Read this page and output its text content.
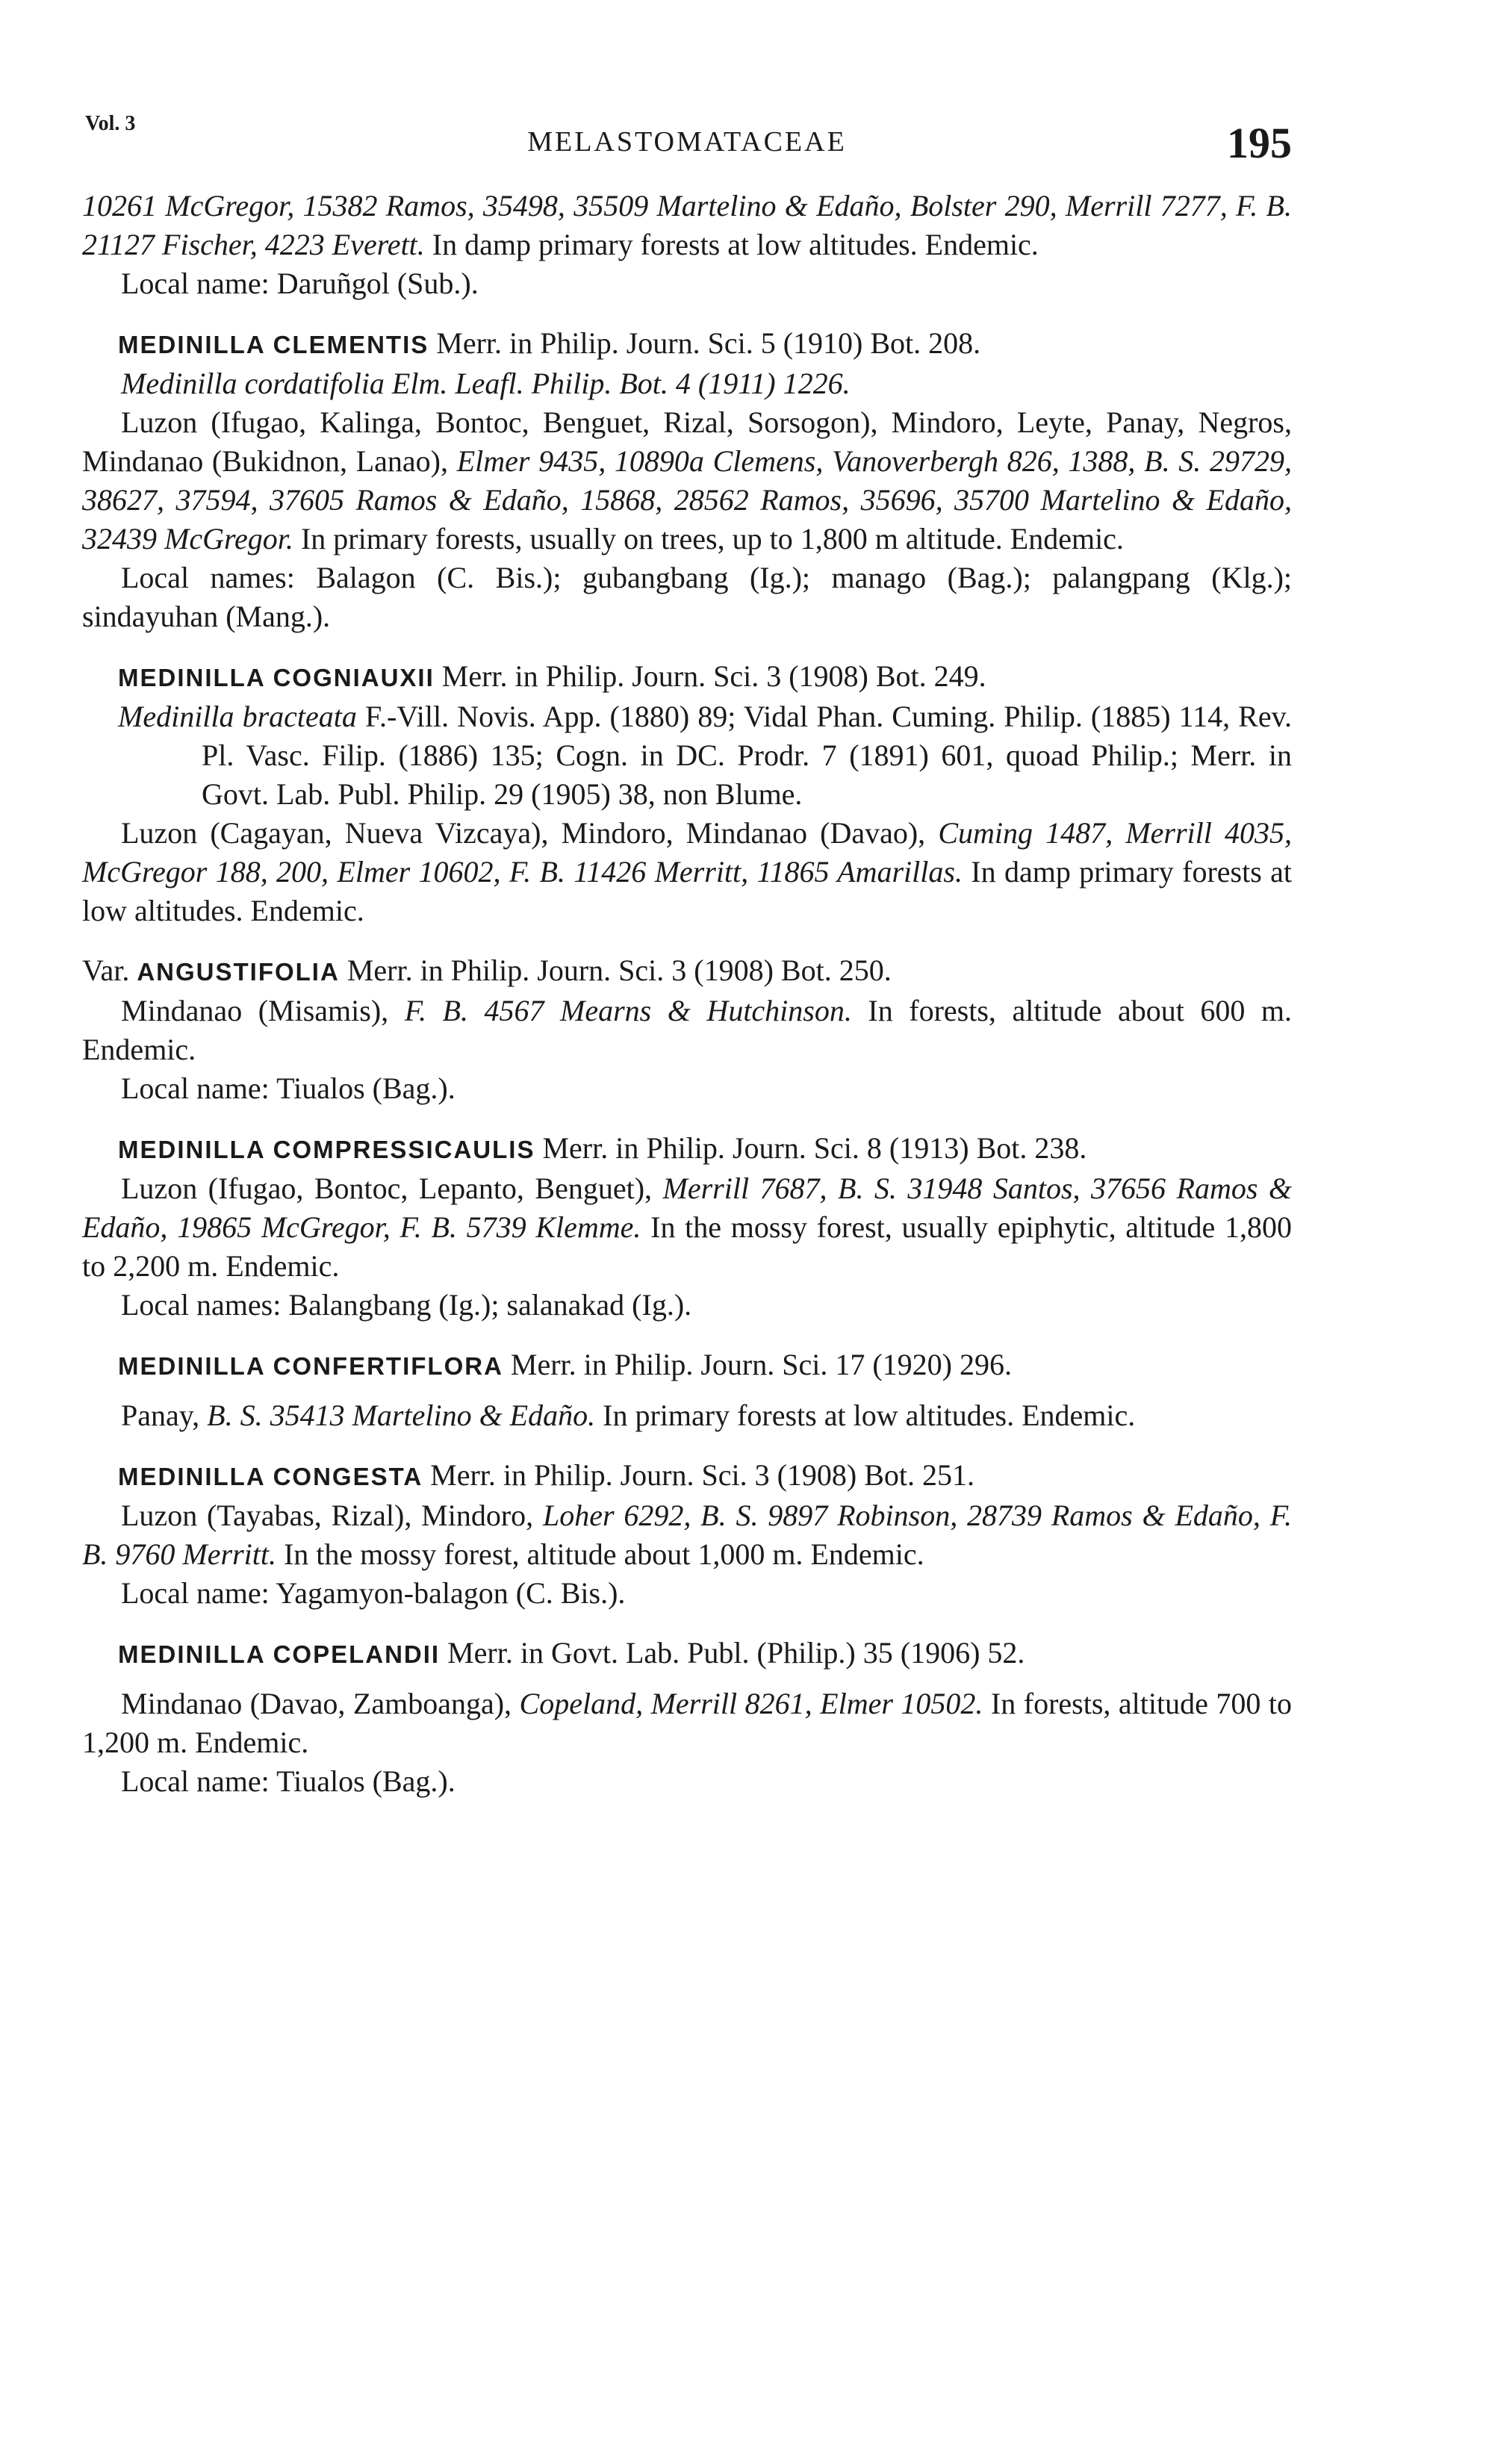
Vol. 3
MELASTOMATACEAE	195

10261 McGregor, 15382 Ramos, 35498, 35509 Martelino & Edaño, Bolster 290, Merrill 7277, F. B. 21127 Fischer, 4223 Everett. In damp primary forests at low altitudes. Endemic.

Local name: Daruñgol (Sub.).

MEDINILLA CLEMENTIS Merr. in Philip. Journ. Sci. 5 (1910) Bot. 208.

Medinilla cordatifolia Elm. Leafl. Philip. Bot. 4 (1911) 1226.

Luzon (Ifugao, Kalinga, Bontoc, Benguet, Rizal, Sorsogon), Mindoro, Leyte, Panay, Negros, Mindanao (Bukidnon, Lanao), Elmer 9435, 10890a Clemens, Vanoverbergh 826, 1388, B. S. 29729, 38627, 37594, 37605 Ramos & Edaño, 15868, 28562 Ramos, 35696, 35700 Martelino & Edaño, 32439 McGregor. In primary forests, usually on trees, up to 1,800 m altitude. Endemic.

Local names: Balagon (C. Bis.); gubangbang (Ig.); manago (Bag.); palangpang (Klg.); sindayuhan (Mang.).

MEDINILLA COGNIAUXII Merr. in Philip. Journ. Sci. 3 (1908) Bot. 249.

Medinilla bracteata F.-Vill. Novis. App. (1880) 89; Vidal Phan. Cuming. Philip. (1885) 114, Rev. Pl. Vasc. Filip. (1886) 135; Cogn. in DC. Prodr. 7 (1891) 601, quoad Philip.; Merr. in Govt. Lab. Publ. Philip. 29 (1905) 38, non Blume.

Luzon (Cagayan, Nueva Vizcaya), Mindoro, Mindanao (Davao), Cuming 1487, Merrill 4035, McGregor 188, 200, Elmer 10602, F. B. 11426 Merritt, 11865 Amarillas. In damp primary forests at low altitudes. Endemic.

Var. ANGUSTIFOLIA Merr. in Philip. Journ. Sci. 3 (1908) Bot. 250.

Mindanao (Misamis), F. B. 4567 Mearns & Hutchinson. In forests, altitude about 600 m. Endemic.

Local name: Tiualos (Bag.).

MEDINILLA COMPRESSICAULIS Merr. in Philip. Journ. Sci. 8 (1913) Bot. 238.

Luzon (Ifugao, Bontoc, Lepanto, Benguet), Merrill 7687, B. S. 31948 Santos, 37656 Ramos & Edaño, 19865 McGregor, F. B. 5739 Klemme. In the mossy forest, usually epiphytic, altitude 1,800 to 2,200 m. Endemic.

Local names: Balangbang (Ig.); salanakad (Ig.).

MEDINILLA CONFERTIFLORA Merr. in Philip. Journ. Sci. 17 (1920) 296.

Panay, B. S. 35413 Martelino & Edaño. In primary forests at low altitudes. Endemic.

MEDINILLA CONGESTA Merr. in Philip. Journ. Sci. 3 (1908) Bot. 251.

Luzon (Tayabas, Rizal), Mindoro, Loher 6292, B. S. 9897 Robinson, 28739 Ramos & Edaño, F. B. 9760 Merritt. In the mossy forest, altitude about 1,000 m. Endemic.

Local name: Yagamyon-balagon (C. Bis.).

MEDINILLA COPELANDII Merr. in Govt. Lab. Publ. (Philip.) 35 (1906) 52.

Mindanao (Davao, Zamboanga), Copeland, Merrill 8261, Elmer 10502. In forests, altitude 700 to 1,200 m. Endemic.

Local name: Tiualos (Bag.).
